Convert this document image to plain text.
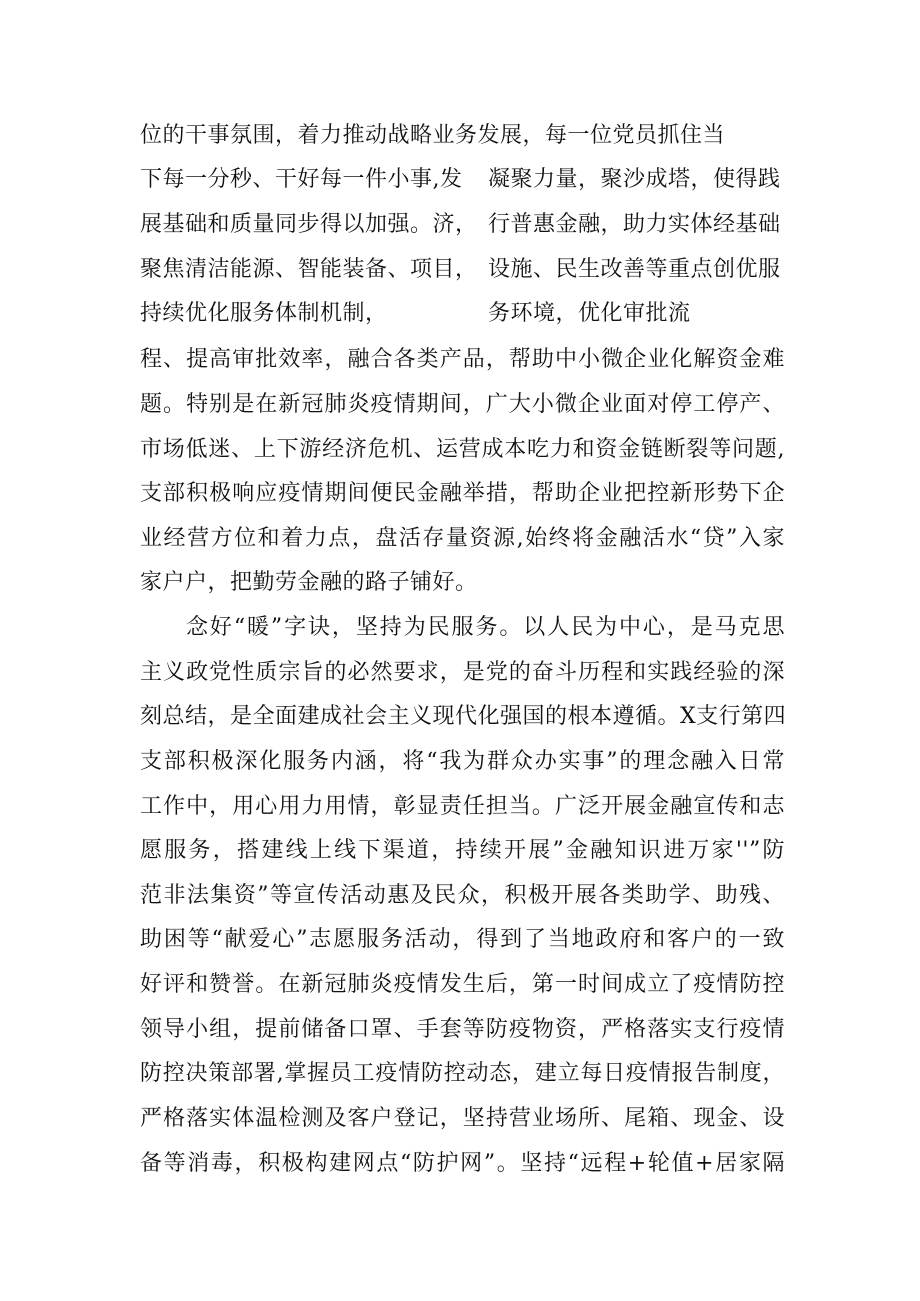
位的干事氛围，着力推动战略业务发展，每一位党员抓住当
下每一分秒、干好每一件小事,发
展基础和质量同步得以加强。济，
聚焦清洁能源、智能装备、项目，
持续优化服务体制机制，
凝聚力量，聚沙成塔，使得践
行普惠金融，助力实体经基础
设施、民生改善等重点创优服
务环境，优化审批流
程、提高审批效率，融合各类产品，帮助中小微企业化解资金难
题。特别是在新冠肺炎疫情期间，广大小微企业面对停工停产、
市场低迷、上下游经济危机、运营成本吃力和资金链断裂等问题,
支部积极响应疫情期间便民金融举措，帮助企业把控新形势下企
业经营方位和着力点，盘活存量资源,始终将金融活水“贷”入家
家户户，把勤劳金融的路子铺好。
念好“暖”字诀，坚持为民服务。以人民为中心，是马克思
主义政党性质宗旨的必然要求，是党的奋斗历程和实践经验的深
刻总结，是全面建成社会主义现代化强国的根本遵循。X支行第四
支部积极深化服务内涵，将“我为群众办实事”的理念融入日常
工作中，用心用力用情，彰显责任担当。广泛开展金融宣传和志
愿服务，搭建线上线下渠道，持续开展”金融知识进万家''”防
范非法集资”等宣传活动惠及民众，积极开展各类助学、助残、
助困等“献爱心”志愿服务活动，得到了当地政府和客户的一致
好评和赞誉。在新冠肺炎疫情发生后，第一时间成立了疫情防控
领导小组，提前储备口罩、手套等防疫物资，严格落实支行疫情
防控决策部署,掌握员工疫情防控动态，建立每日疫情报告制度，
严格落实体温检测及客户登记，坚持营业场所、尾箱、现金、设
备等消毒，积极构建网点“防护网”。坚持“远程+轮值+居家隔
